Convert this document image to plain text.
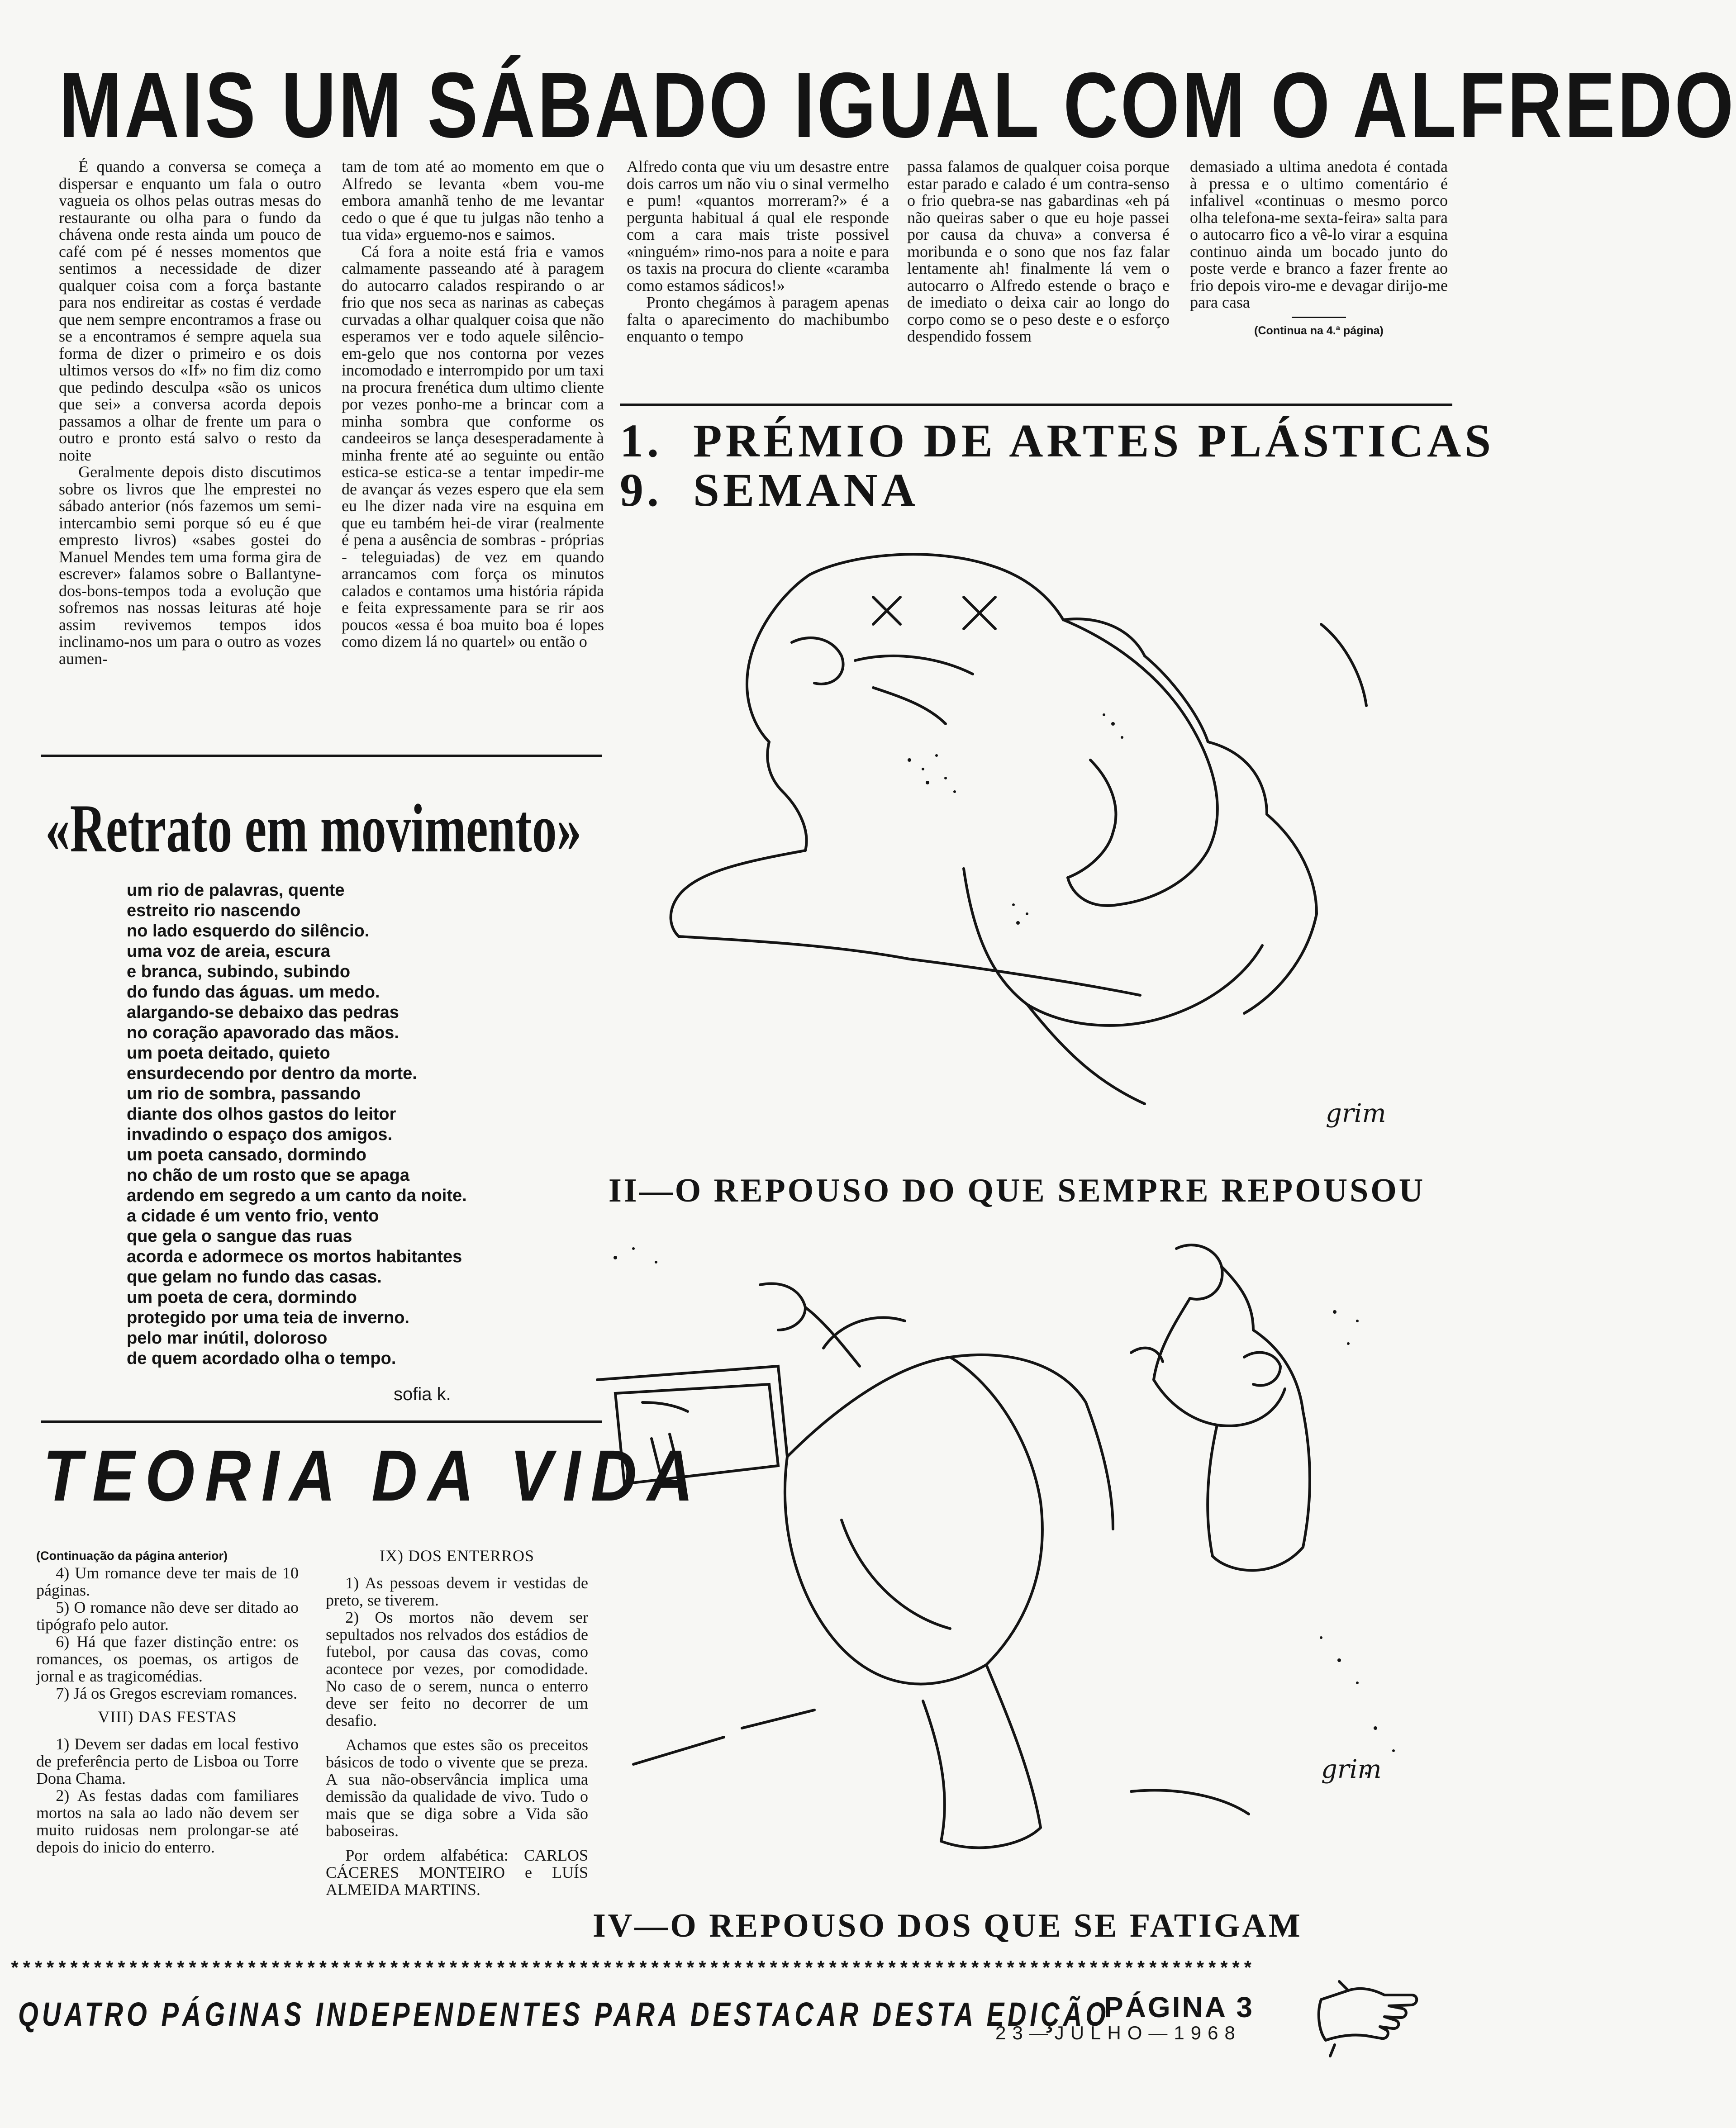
MAIS UM SÁBADO IGUAL COM O ALFREDO

É quando a conversa se começa a dispersar e enquanto um fala o outro vagueia os olhos pelas outras mesas do restaurante ou olha para o fundo da chávena onde resta ainda um pouco de café com pé é nesses momentos que sentimos a necessidade de dizer qualquer coisa com a força bastante para nos endireitar as costas é verdade que nem sempre encontramos a frase ou se a encontramos é sempre aquela sua forma de dizer o primeiro e os dois ultimos versos do «If» no fim diz como que pedindo desculpa «são os unicos que sei» a conversa acorda depois passamos a olhar de frente um para o outro e pronto está salvo o resto da noite

Geralmente depois disto discutimos sobre os livros que lhe emprestei no sábado anterior (nós fazemos um semi-intercambio semi porque só eu é que empresto livros) «sabes gostei do Manuel Mendes tem uma forma gira de escrever» falamos sobre o Ballantyne-dos-bons-tempos toda a evolução que sofremos nas nossas leituras até hoje assim revivemos tempos idos inclinamo-nos um para o outro as vozes aumen-

tam de tom até ao momento em que o Alfredo se levanta «bem vou-me embora amanhã tenho de me levantar cedo o que é que tu julgas não tenho a tua vida» erguemo-nos e saimos.

Cá fora a noite está fria e vamos calmamente passeando até à paragem do autocarro calados respirando o ar frio que nos seca as narinas as cabeças curvadas a olhar qualquer coisa que não esperamos ver e todo aquele silêncio-em-gelo que nos contorna por vezes incomodado e interrompido por um taxi na procura frenética dum ultimo cliente por vezes ponho-me a brincar com a minha sombra que conforme os candeeiros se lança desesperadamente à minha frente até ao seguinte ou então estica-se estica-se a tentar impedir-me de avançar ás vezes espero que ela sem eu lhe dizer nada vire na esquina em que eu também hei-de virar (realmente é pena a ausência de sombras - próprias - teleguiadas) de vez em quando arrancamos com força os minutos calados e contamos uma história rápida e feita expressamente para se rir aos poucos «essa é boa muito boa é lopes como dizem lá no quartel» ou então o

Alfredo conta que viu um desastre entre dois carros um não viu o sinal vermelho e pum! «quantos morreram?» é a pergunta habitual á qual ele responde com a cara mais triste possivel «ninguém» rimo-nos para a noite e para os taxis na procura do cliente «caramba como estamos sádicos!»

Pronto chegámos à paragem apenas falta o aparecimento do machibumbo enquanto o tempo

passa falamos de qualquer coisa porque estar parado e calado é um contra-senso o frio quebra-se nas gabardinas «eh pá não queiras saber o que eu hoje passei por causa da chuva» a conversa é moribunda e o sono que nos faz falar lentamente ah! finalmente lá vem o autocarro o Alfredo estende o braço e de imediato o deixa cair ao longo do corpo como se o peso deste e o esforço despendido fossem

demasiado a ultima anedota é contada à pressa e o ultimo comentário é infalivel «continuas o mesmo porco olha telefona-me sexta-feira» salta para o autocarro fico a vê-lo virar a esquina continuo ainda um bocado junto do poste verde e branco a fazer frente ao frio depois viro-me e devagar dirijo-me para casa

(Continua na 4.ª página)
1.  PRÉMIO DE ARTES PLÁSTICAS
9.  SEMANA
grim
II—O REPOUSO DO QUE SEMPRE REPOUSOU
grim
IV—O REPOUSO DOS QUE SE FATIGAM
«Retrato em movimento»
um rio de palavras, quente
estreito rio nascendo
no lado esquerdo do silêncio.
uma voz de areia, escura
e branca, subindo, subindo
do fundo das águas. um medo.
alargando-se debaixo das pedras
no coração apavorado das mãos.
um poeta deitado, quieto
ensurdecendo por dentro da morte.
um rio de sombra, passando
diante dos olhos gastos do leitor
invadindo o espaço dos amigos.
um poeta cansado, dormindo
no chão de um rosto que se apaga
ardendo em segredo a um canto da noite.
a cidade é um vento frio, vento
que gela o sangue das ruas
acorda e adormece os mortos habitantes
que gelam no fundo das casas.
um poeta de cera, dormindo
protegido por uma teia de inverno.
pelo mar inútil, doloroso
de quem acordado olha o tempo.
sofia k.
TEORIA DA VIDA

(Continuação da página anterior)

4) Um romance deve ter mais de 10 páginas.

5) O romance não deve ser ditado ao tipógrafo pelo autor.

6) Há que fazer distinção entre: os romances, os poemas, os artigos de jornal e as tragicomédias.

7) Já os Gregos escreviam romances.

VIII) DAS FESTAS

1) Devem ser dadas em local festivo de preferência perto de Lisboa ou Torre Dona Chama.

2) As festas dadas com familiares mortos na sala ao lado não devem ser muito ruidosas nem prolongar-se até depois do inicio do enterro.

IX) DOS ENTERROS

1) As pessoas devem ir vestidas de preto, se tiverem.

2) Os mortos não devem ser sepultados nos relvados dos estádios de futebol, por causa das covas, como acontece por vezes, por comodidade. No caso de o serem, nunca o enterro deve ser feito no decorrer de um desafio.

Achamos que estes são os preceitos básicos de todo o vivente que se preza. A sua não-observância implica uma demissão da qualidade de vivo. Tudo o mais que se diga sobre a Vida são baboseiras.

Por ordem alfabética: CARLOS CÁCERES MONTEIRO e LUÍS ALMEIDA MARTINS.

*********************************************************************************************************
QUATRO PÁGINAS INDEPENDENTES PARA DESTACAR DESTA EDIÇÃO
PÁGINA 3
23—JULHO—1968
